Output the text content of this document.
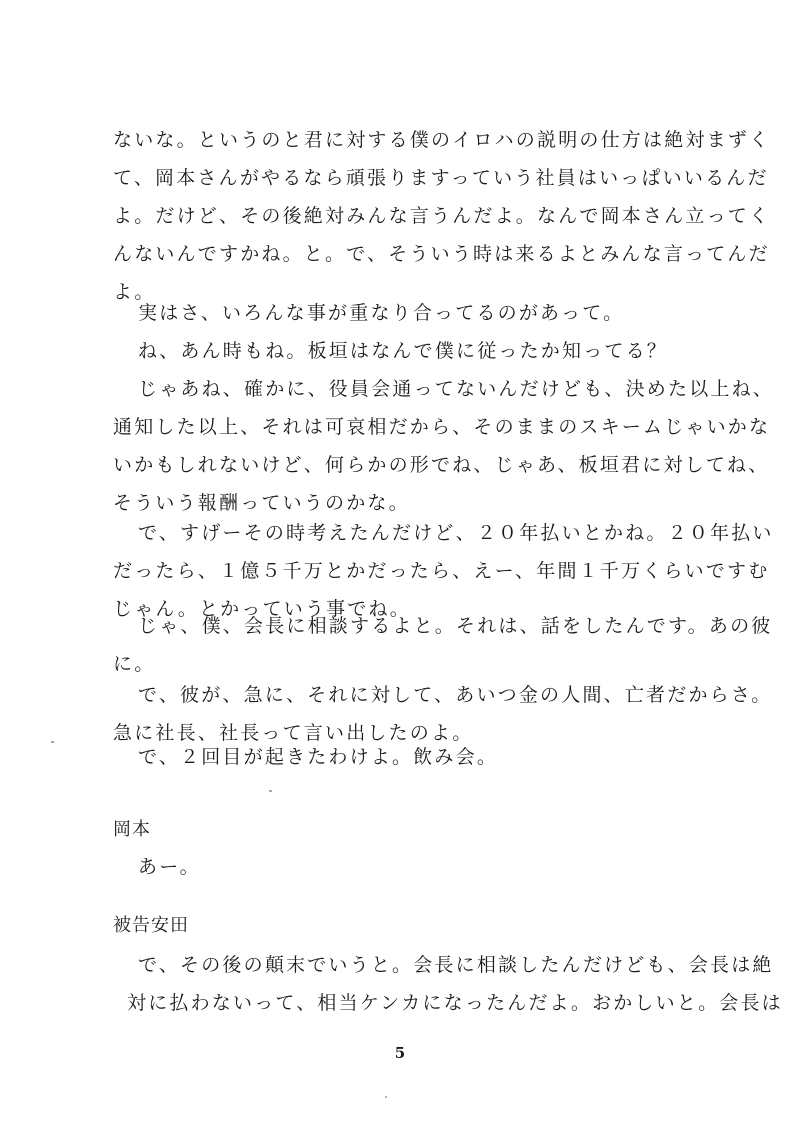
ないな。というのと君に対する僕のイロハの説明の仕方は絶対まずく
て、岡本さんがやるなら頑張りますっていう社員はいっぱいいるんだ
よ。だけど、その後絶対みんな言うんだよ。なんで岡本さん立ってく
んないんですかね。と。で、そういう時は来るよとみんな言ってんだ
よ。
実はさ、いろんな事が重なり合ってるのがあって。
ね、あん時もね。板垣はなんで僕に従ったか知ってる？
じゃあね、確かに、役員会通ってないんだけども、決めた以上ね、
通知した以上、それは可哀相だから、そのままのスキームじゃいかな
いかもしれないけど、何らかの形でね、じゃあ、板垣君に対してね、
そういう報酬っていうのかな。
で、すげーその時考えたんだけど、２０年払いとかね。２０年払い
だったら、１億５千万とかだったら、えー、年間１千万くらいですむ
じゃん。とかっていう事でね。
じゃ、僕、会長に相談するよと。それは、話をしたんです。あの彼
に。
で、彼が、急に、それに対して、あいつ金の人間、亡者だからさ。
急に社長、社長って言い出したのよ。
で、２回目が起きたわけよ。飲み会。
岡本
あー。
被告安田
で、その後の顛末でいうと。会長に相談したんだけども、会長は絶
対に払わないって、相当ケンカになったんだよ。おかしいと。会長は
5
